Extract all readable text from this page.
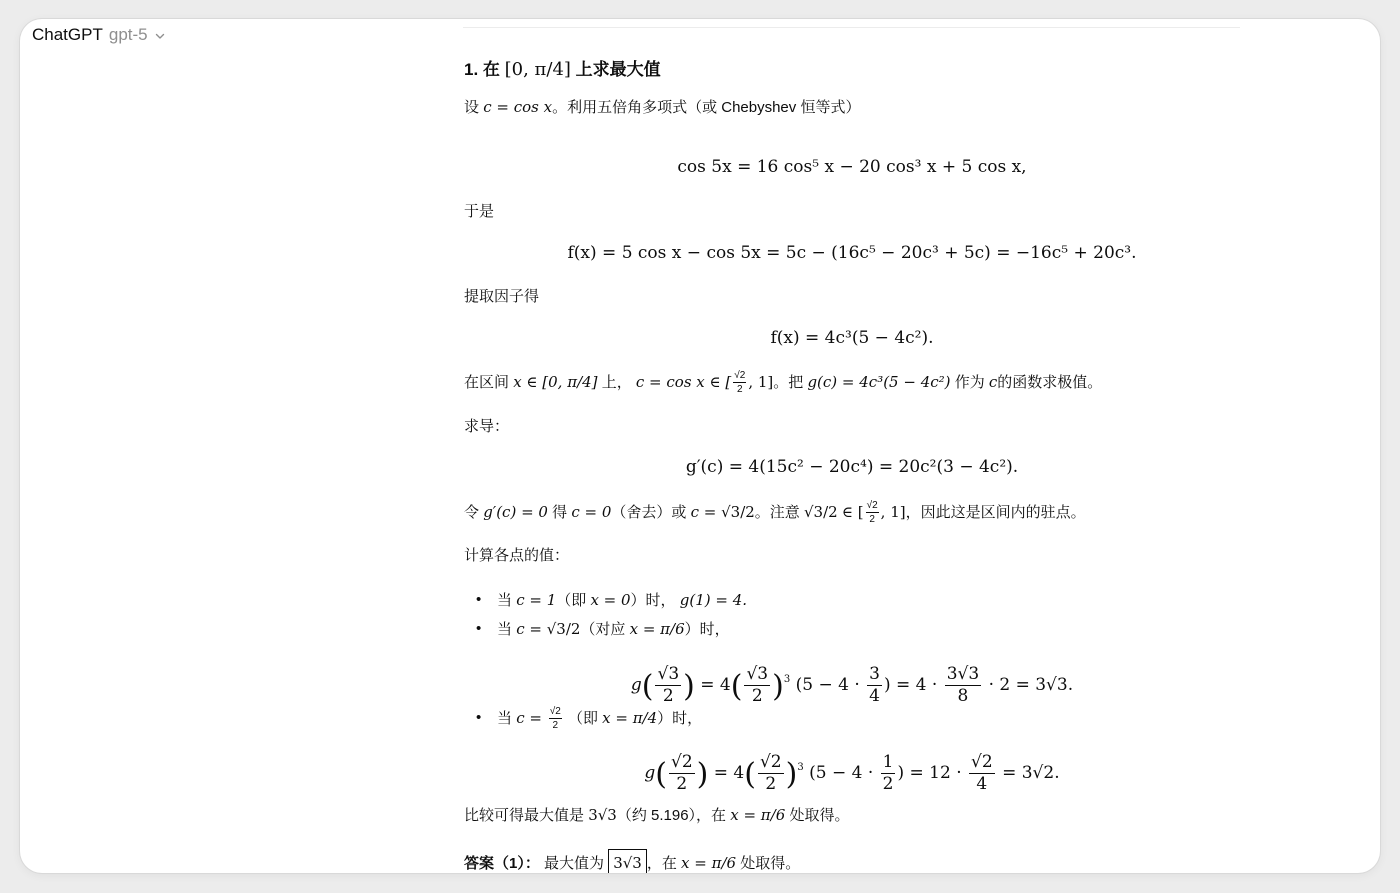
ChatGPT gpt-5
1. 在 [0, π/4] 上求最大值
设 c = cos x。利用五倍角多项式（或 Chebyshev 恒等式）
cos 5x = 16 cos⁵ x − 20 cos³ x + 5 cos x,
于是
f(x) = 5 cos x − cos 5x = 5c − (16c⁵ − 20c³ + 5c) = −16c⁵ + 20c³.
提取因子得
f(x) = 4c³(5 − 4c²).
在区间 x ∈ [0, π/4] 上， c = cos x ∈ [ $\frac{√2}{2}$ , 1]。把 g(c) = 4c³(5 − 4c²) 作为 c的函数求极值。
求导：
g′(c) = 4(15c² − 20c⁴) = 20c²(3 − 4c²).
令 g′(c) = 0 得 c = 0（舍去）或 c = √3/2。注意 √3/2 ∈ [ $\frac{√2}{2}$ , 1]，因此这是区间内的驻点。
计算各点的值：
• 当 c = 1（即 x = 0）时， g(1) = 4.
• 当 c = √3/2（对应 x = π/6）时，
$g( \frac{√3}{2}$ ) = $4( \frac{√3}{2} )^3$ ($5 - 4 \cdot \frac{3}{4}$ ) = $4 \cdot \frac{3√3}{8} \cdot 2 = 3√3$.
• 当 $c = \frac{√2}{2}$ （即 x = π/4）时，
$g( \frac{√2}{2}$ ) = $4( \frac{√2}{2} )^3$ ($5 - 4 \cdot \frac{1}{2}$ ) = $12 \cdot \frac{√2}{4} = 3√2$.
比较可得最大值是 3√3（约 5.196），在 x = π/6 处取得。
答案（1）： 最大值为 3√3 ，在 x = π/6 处取得。
